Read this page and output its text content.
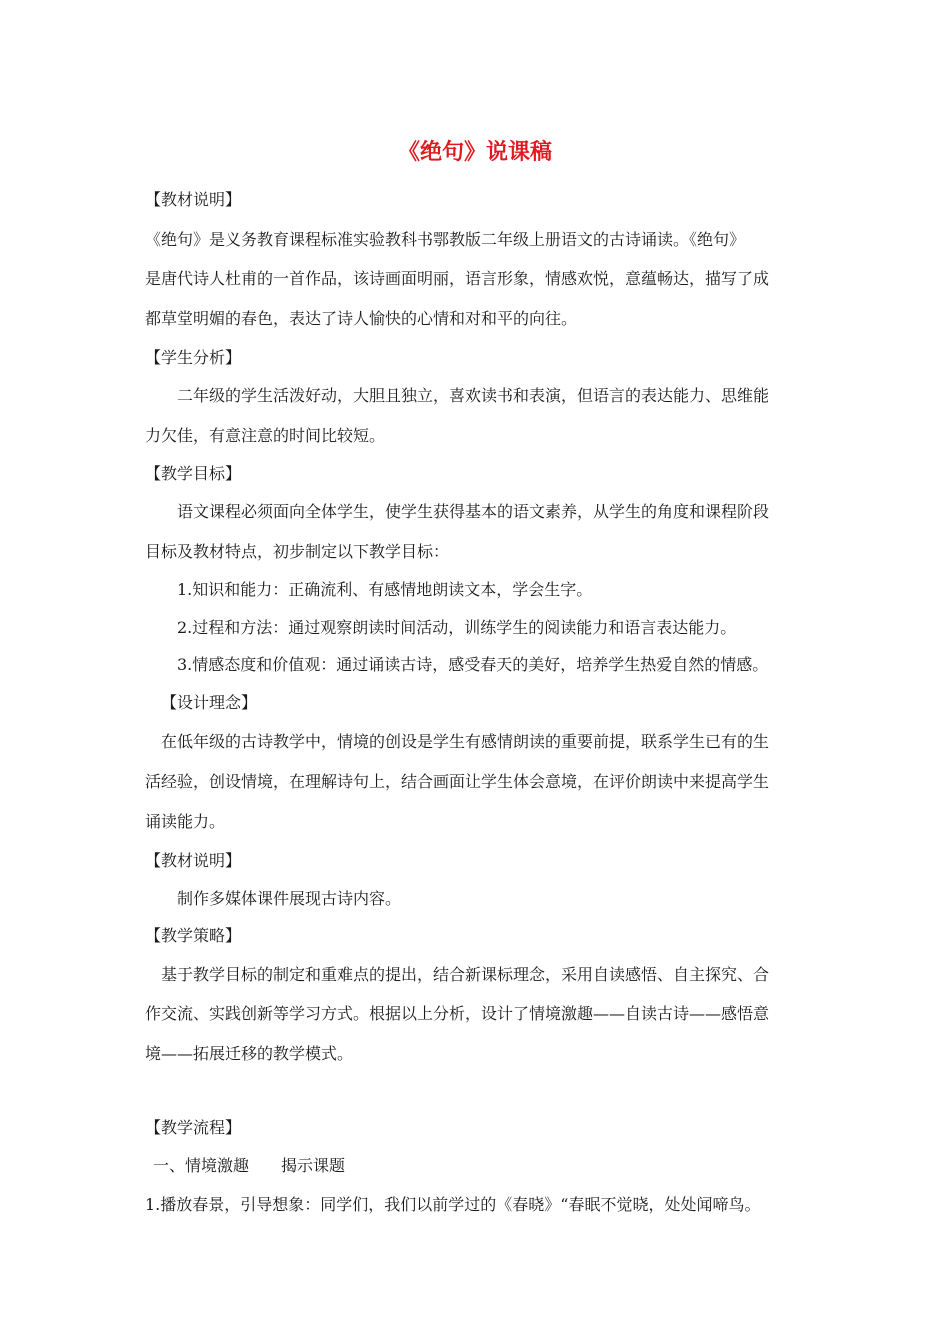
《绝句》说课稿
【教材说明】
《绝句》是义务教育课程标准实验教科书鄂教版二年级上册语文的古诗诵读。《绝句》
是唐代诗人杜甫的一首作品，该诗画面明丽，语言形象，情感欢悦，意蕴畅达，描写了成
都草堂明媚的春色，表达了诗人愉快的心情和对和平的向往。
【学生分析】
二年级的学生活泼好动，大胆且独立，喜欢读书和表演，但语言的表达能力、思维能
力欠佳，有意注意的时间比较短。
【教学目标】
语文课程必须面向全体学生，使学生获得基本的语文素养，从学生的角度和课程阶段
目标及教材特点，初步制定以下教学目标：
1.知识和能力：正确流利、有感情地朗读文本，学会生字。
2.过程和方法：通过观察朗读时间活动，训练学生的阅读能力和语言表达能力。
3.情感态度和价值观：通过诵读古诗，感受春天的美好，培养学生热爱自然的情感。
【设计理念】
在低年级的古诗教学中，情境的创设是学生有感情朗读的重要前提，联系学生已有的生
活经验，创设情境，在理解诗句上，结合画面让学生体会意境，在评价朗读中来提高学生
诵读能力。
【教材说明】
制作多媒体课件展现古诗内容。
【教学策略】
基于教学目标的制定和重难点的提出，结合新课标理念，采用自读感悟、自主探究、合
作交流、实践创新等学习方式。根据以上分析，设计了情境激趣——自读古诗——感悟意
境——拓展迁移的教学模式。
【教学流程】
一、情境激趣　　揭示课题
1.播放春景，引导想象：同学们，我们以前学过的《春晓》“春眠不觉晓，处处闻啼鸟。
